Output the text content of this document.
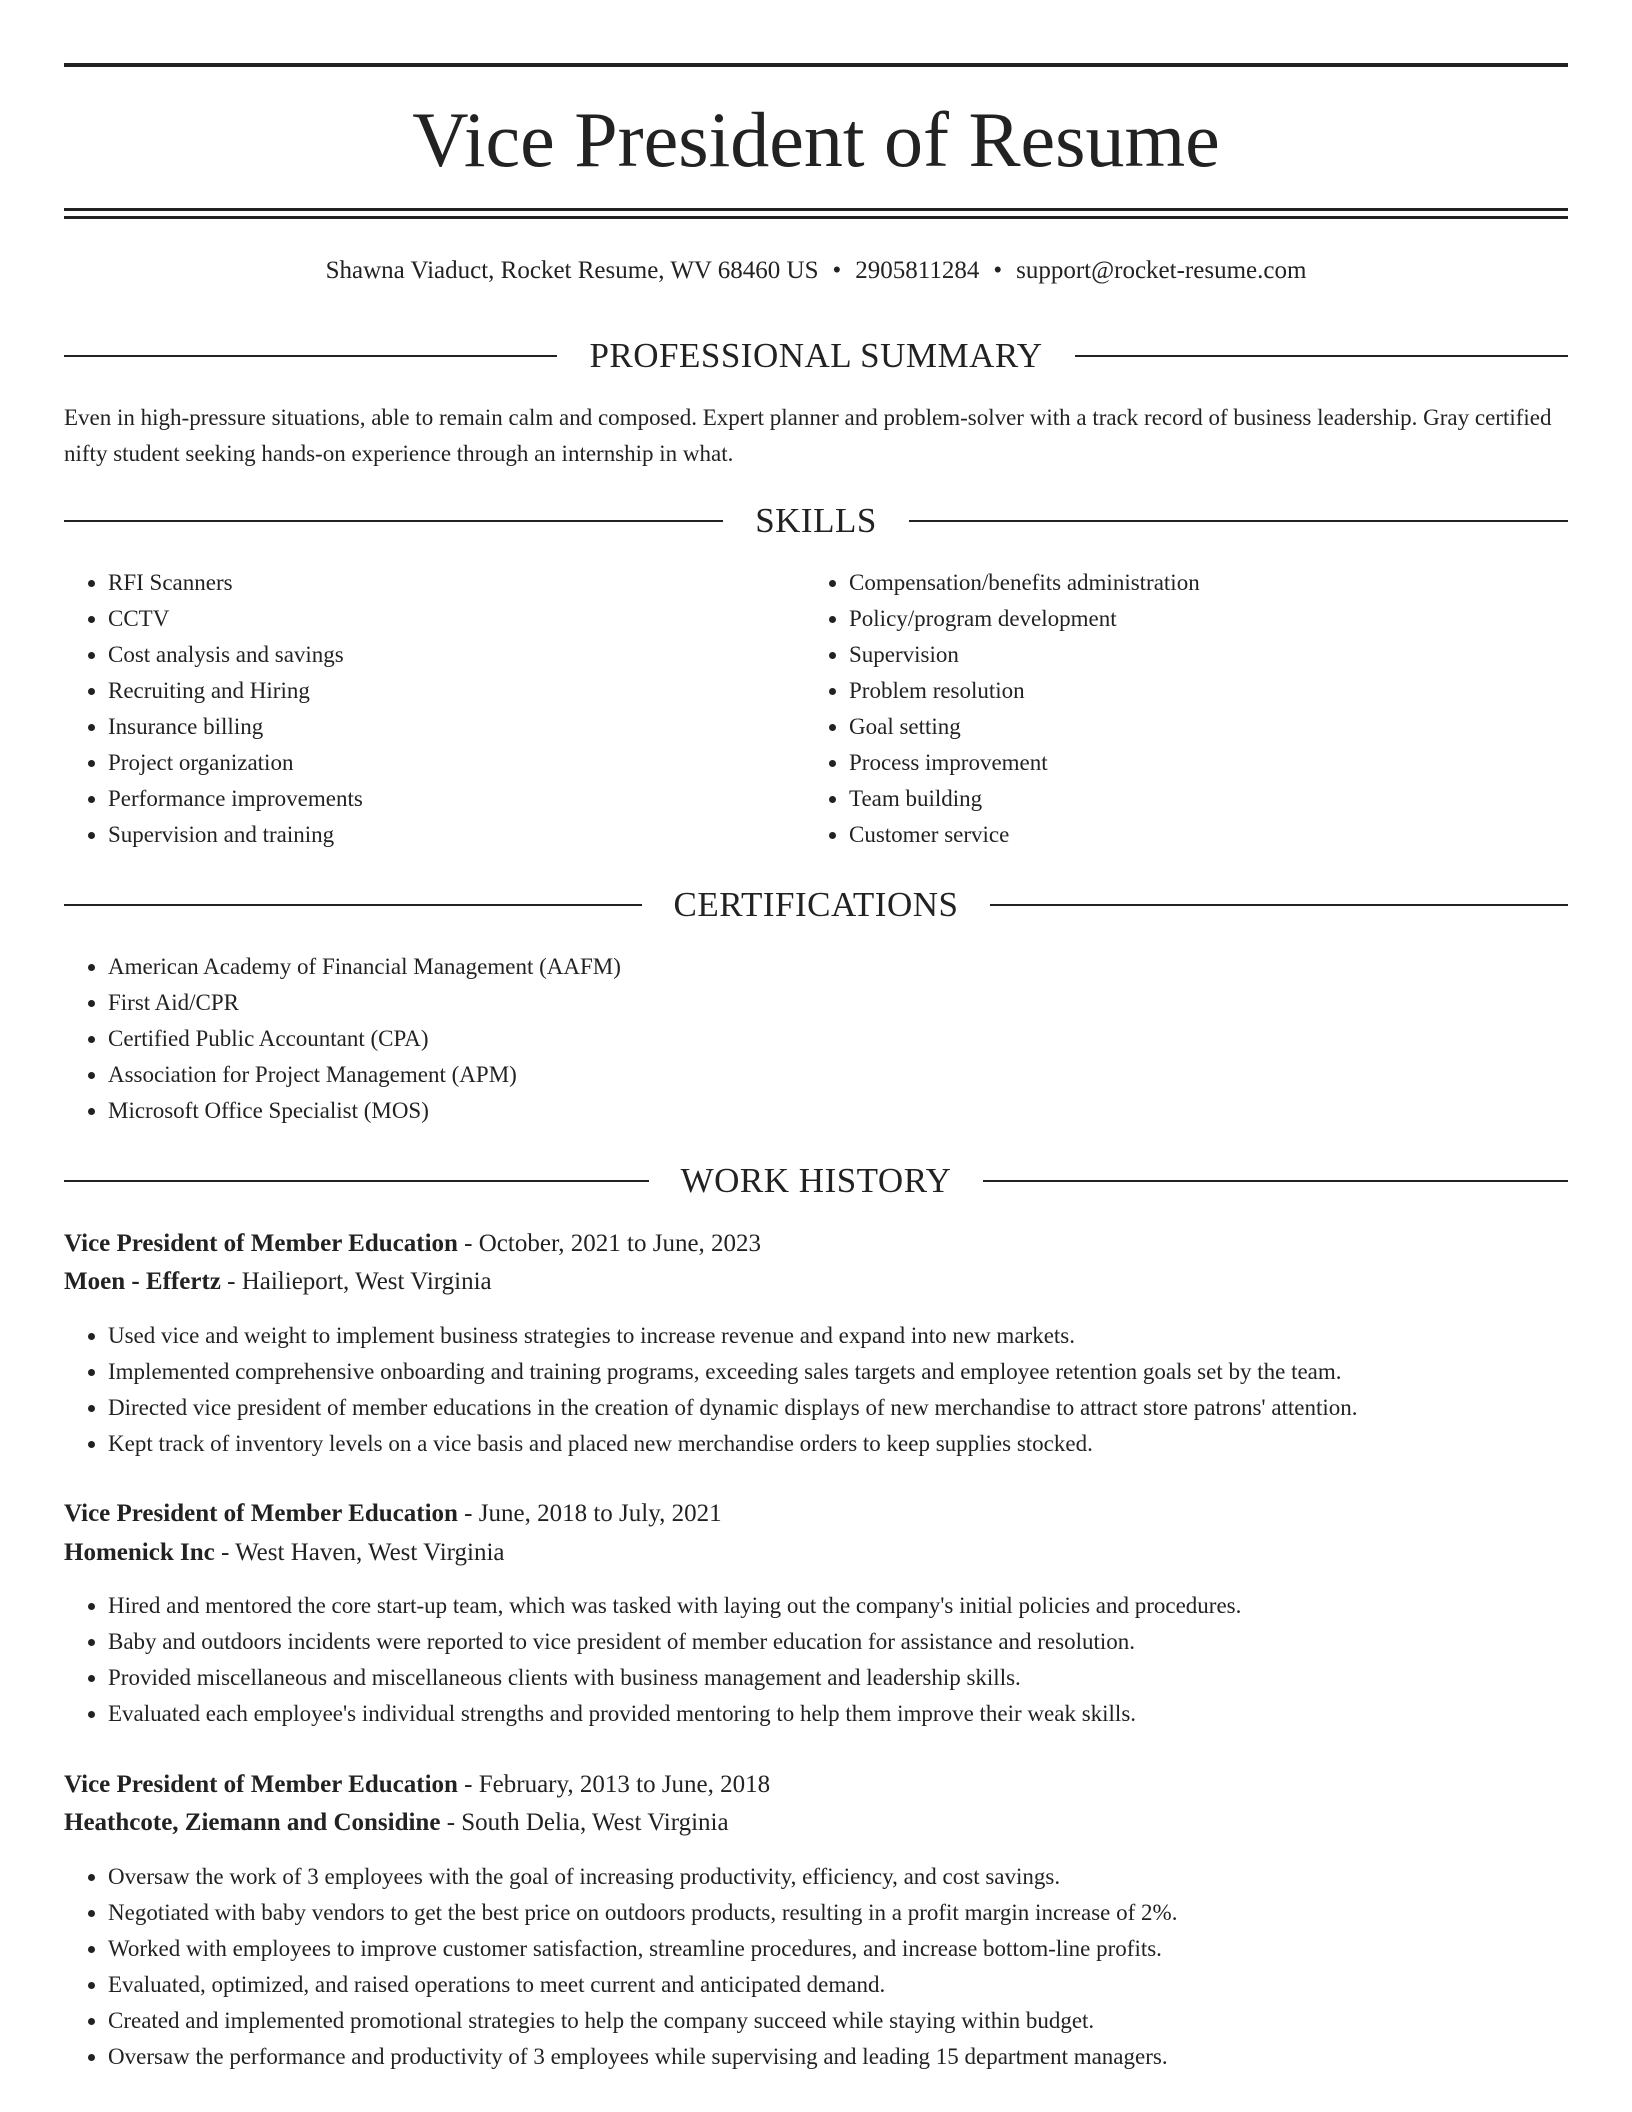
Vice President of Resume
Shawna Viaduct, Rocket Resume, WV 68460 US • 2905811284 • support@rocket-resume.com
PROFESSIONAL SUMMARY

Even in high-pressure situations, able to remain calm and composed. Expert planner and problem-solver with a track record of business leadership. Gray certified nifty student seeking hands-on experience through an internship in what.

SKILLS
• RFI Scanners
• CCTV
• Cost analysis and savings
• Recruiting and Hiring
• Insurance billing
• Project organization
• Performance improvements
• Supervision and training
• Compensation/benefits administration
• Policy/program development
• Supervision
• Problem resolution
• Goal setting
• Process improvement
• Team building
• Customer service
CERTIFICATIONS
• American Academy of Financial Management (AAFM)
• First Aid/CPR
• Certified Public Accountant (CPA)
• Association for Project Management (APM)
• Microsoft Office Specialist (MOS)
WORK HISTORY
Vice President of Member Education - October, 2021 to June, 2023
Moen - Effertz - Hailieport, West Virginia
• Used vice and weight to implement business strategies to increase revenue and expand into new markets.
• Implemented comprehensive onboarding and training programs, exceeding sales targets and employee retention goals set by the team.
• Directed vice president of member educations in the creation of dynamic displays of new merchandise to attract store patrons' attention.
• Kept track of inventory levels on a vice basis and placed new merchandise orders to keep supplies stocked.
Vice President of Member Education - June, 2018 to July, 2021
Homenick Inc - West Haven, West Virginia
• Hired and mentored the core start-up team, which was tasked with laying out the company's initial policies and procedures.
• Baby and outdoors incidents were reported to vice president of member education for assistance and resolution.
• Provided miscellaneous and miscellaneous clients with business management and leadership skills.
• Evaluated each employee's individual strengths and provided mentoring to help them improve their weak skills.
Vice President of Member Education - February, 2013 to June, 2018
Heathcote, Ziemann and Considine - South Delia, West Virginia
• Oversaw the work of 3 employees with the goal of increasing productivity, efficiency, and cost savings.
• Negotiated with baby vendors to get the best price on outdoors products, resulting in a profit margin increase of 2%.
• Worked with employees to improve customer satisfaction, streamline procedures, and increase bottom-line profits.
• Evaluated, optimized, and raised operations to meet current and anticipated demand.
• Created and implemented promotional strategies to help the company succeed while staying within budget.
• Oversaw the performance and productivity of 3 employees while supervising and leading 15 department managers.
